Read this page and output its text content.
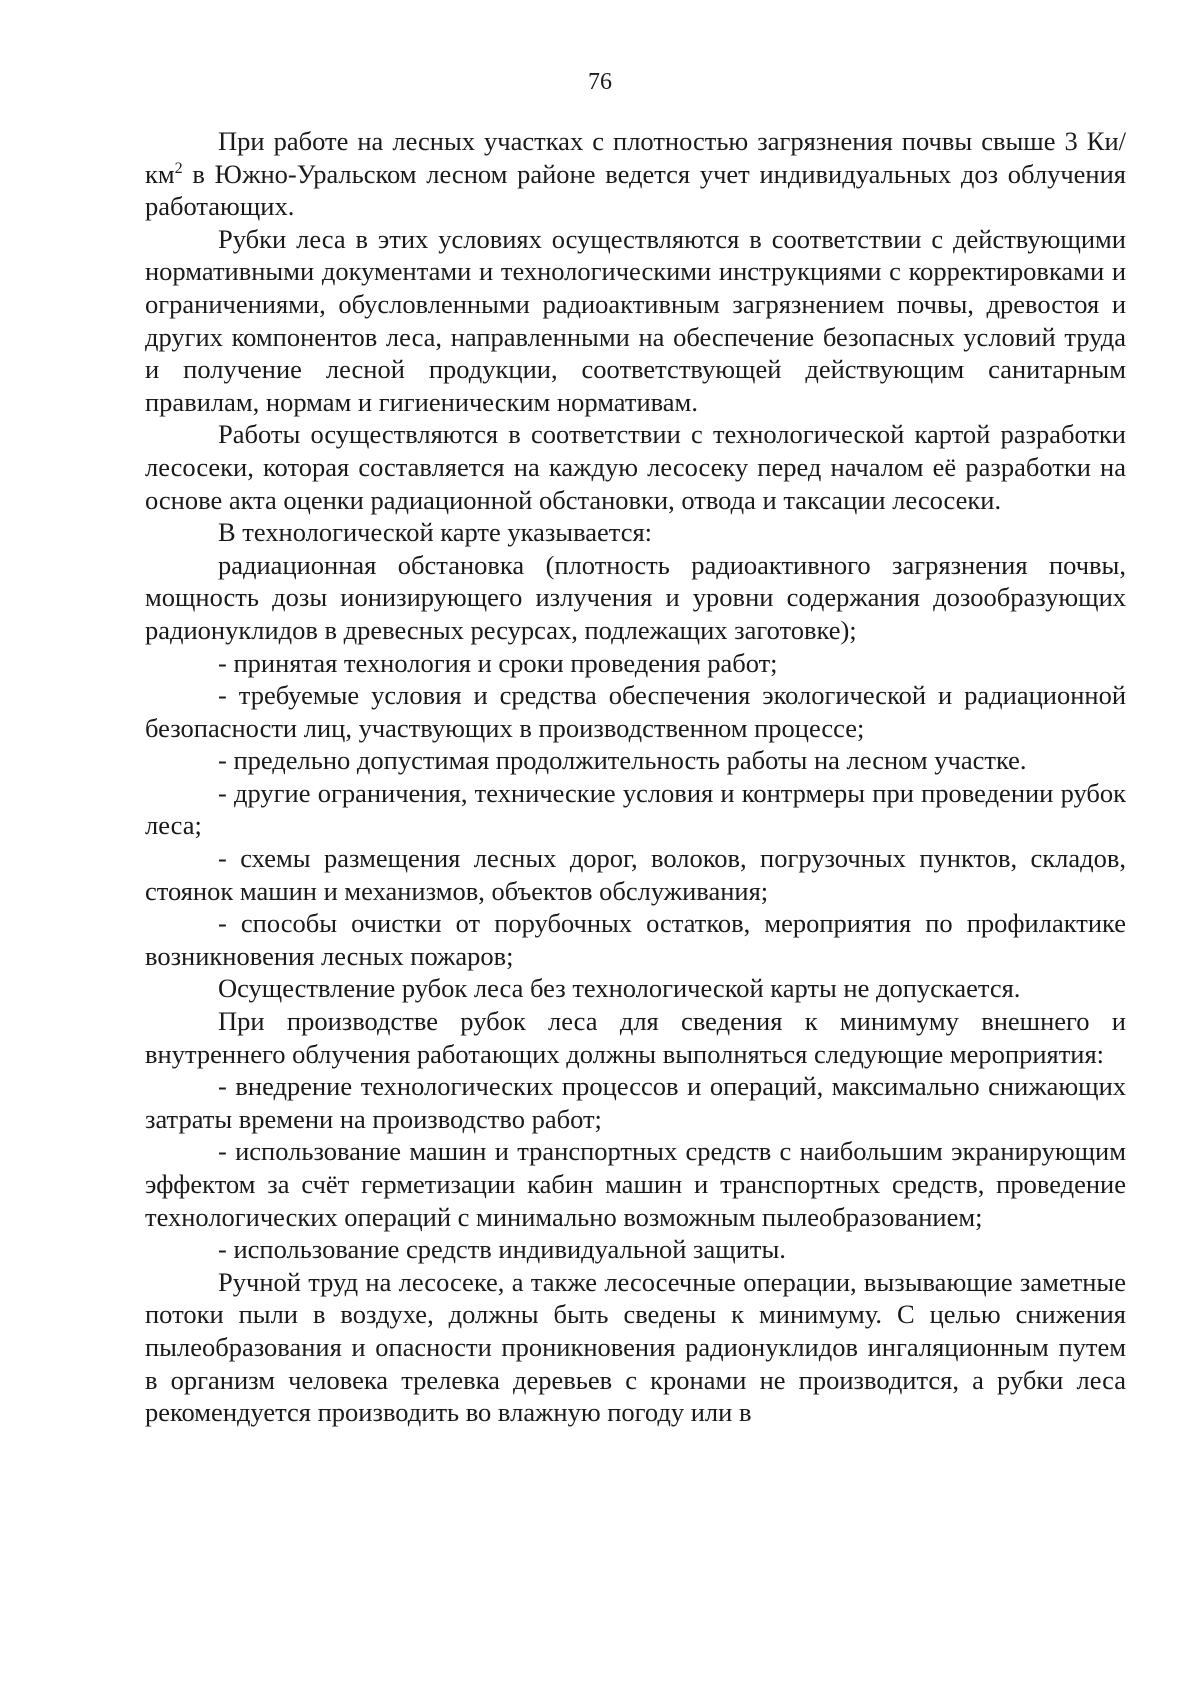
76

При работе на лесных участках с плотностью загрязнения почвы свыше 3 $Ки/км^2$ в Южно-Уральском лесном районе ведется учет индивидуальных доз облучения работающих.

Рубки леса в этих условиях осуществляются в соответствии с действующими нормативными документами и технологическими инструкциями с корректировками и ограничениями, обусловленными радиоактивным загрязнением почвы, древостоя и других компонентов леса, направленными на обеспечение безопасных условий труда и получение лесной продукции, соответствующей действующим санитарным правилам, нормам и гигиеническим нормативам.

Работы осуществляются в соответствии с технологической картой разработки лесосеки, которая составляется на каждую лесосеку перед началом её разработки на основе акта оценки радиационной обстановки, отвода и таксации лесосеки.

В технологической карте указывается:

радиационная обстановка (плотность радиоактивного загрязнения почвы, мощность дозы ионизирующего излучения и уровни содержания дозообразующих радионуклидов в древесных ресурсах, подлежащих заготовке);

- принятая технология и сроки проведения работ;

- требуемые условия и средства обеспечения экологической и радиационной безопасности лиц, участвующих в производственном процессе;

- предельно допустимая продолжительность работы на лесном участке.

- другие ограничения, технические условия и контрмеры при проведении рубок леса;

- схемы размещения лесных дорог, волоков, погрузочных пунктов, складов, стоянок машин и механизмов, объектов обслуживания;

- способы очистки от порубочных остатков, мероприятия по профилактике возникновения лесных пожаров;

Осуществление рубок леса без технологической карты не допускается.

При производстве рубок леса для сведения к минимуму внешнего и внутреннего облучения работающих должны выполняться следующие мероприятия:

- внедрение технологических процессов и операций, максимально снижающих затраты времени на производство работ;

- использование машин и транспортных средств с наибольшим экранирующим эффектом за счёт герметизации кабин машин и транспортных средств, проведение технологических операций с минимально возможным пылеобразованием;

- использование средств индивидуальной защиты.

Ручной труд на лесосеке, а также лесосечные операции, вызывающие заметные потоки пыли в воздухе, должны быть сведены к минимуму. С целью снижения пылеобразования и опасности проникновения радионуклидов ингаляционным путем в организм человека трелевка деревьев с кронами не производится, а рубки леса рекомендуется производить во влажную погоду или в
